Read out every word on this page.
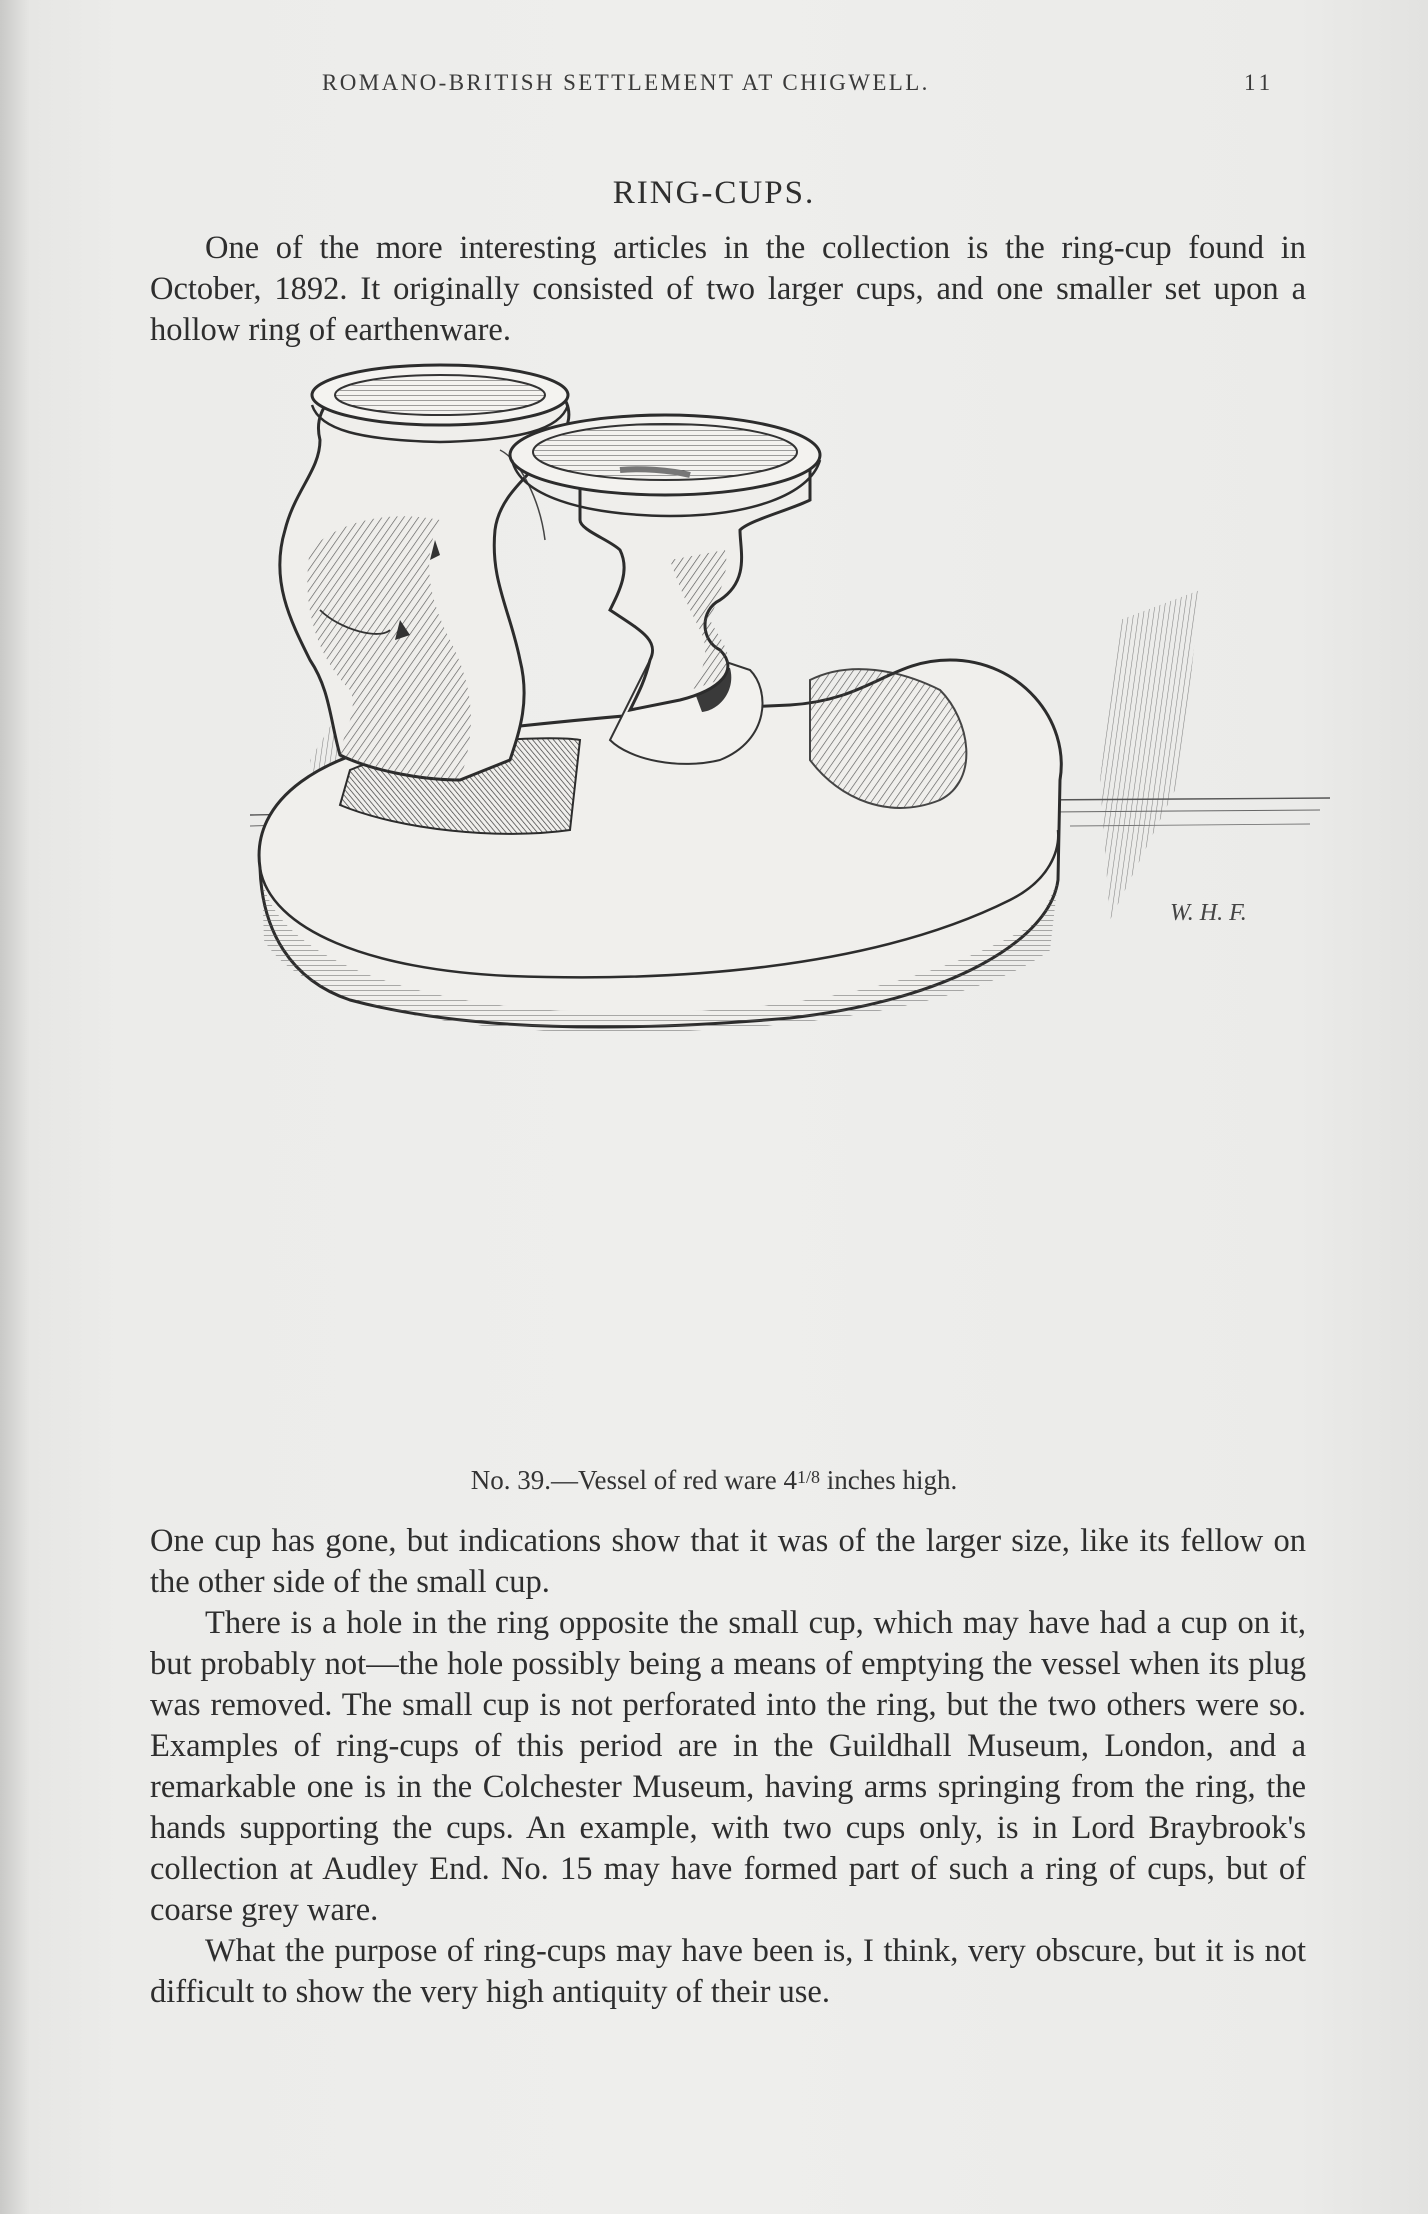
ROMANO-BRITISH SETTLEMENT AT CHIGWELL.	11
RING-CUPS.

One of the more interesting articles in the collection is the ring-cup found in October, 1892. It originally consisted of two larger cups, and one smaller set upon a hollow ring of earthenware.

W. H. F.
No. 39.—Vessel of red ware $4^{1/8}$ inches high.

One cup has gone, but indications show that it was of the larger size, like its fellow on the other side of the small cup.

There is a hole in the ring opposite the small cup, which may have had a cup on it, but probably not—the hole possibly being a means of emptying the vessel when its plug was removed. The small cup is not perforated into the ring, but the two others were so. Examples of ring-cups of this period are in the Guildhall Museum, London, and a remarkable one is in the Colchester Museum, having arms springing from the ring, the hands supporting the cups. An example, with two cups only, is in Lord Braybrook's collection at Audley End. No. 15 may have formed part of such a ring of cups, but of coarse grey ware.

What the purpose of ring-cups may have been is, I think, very obscure, but it is not difficult to show the very high antiquity of their use.
